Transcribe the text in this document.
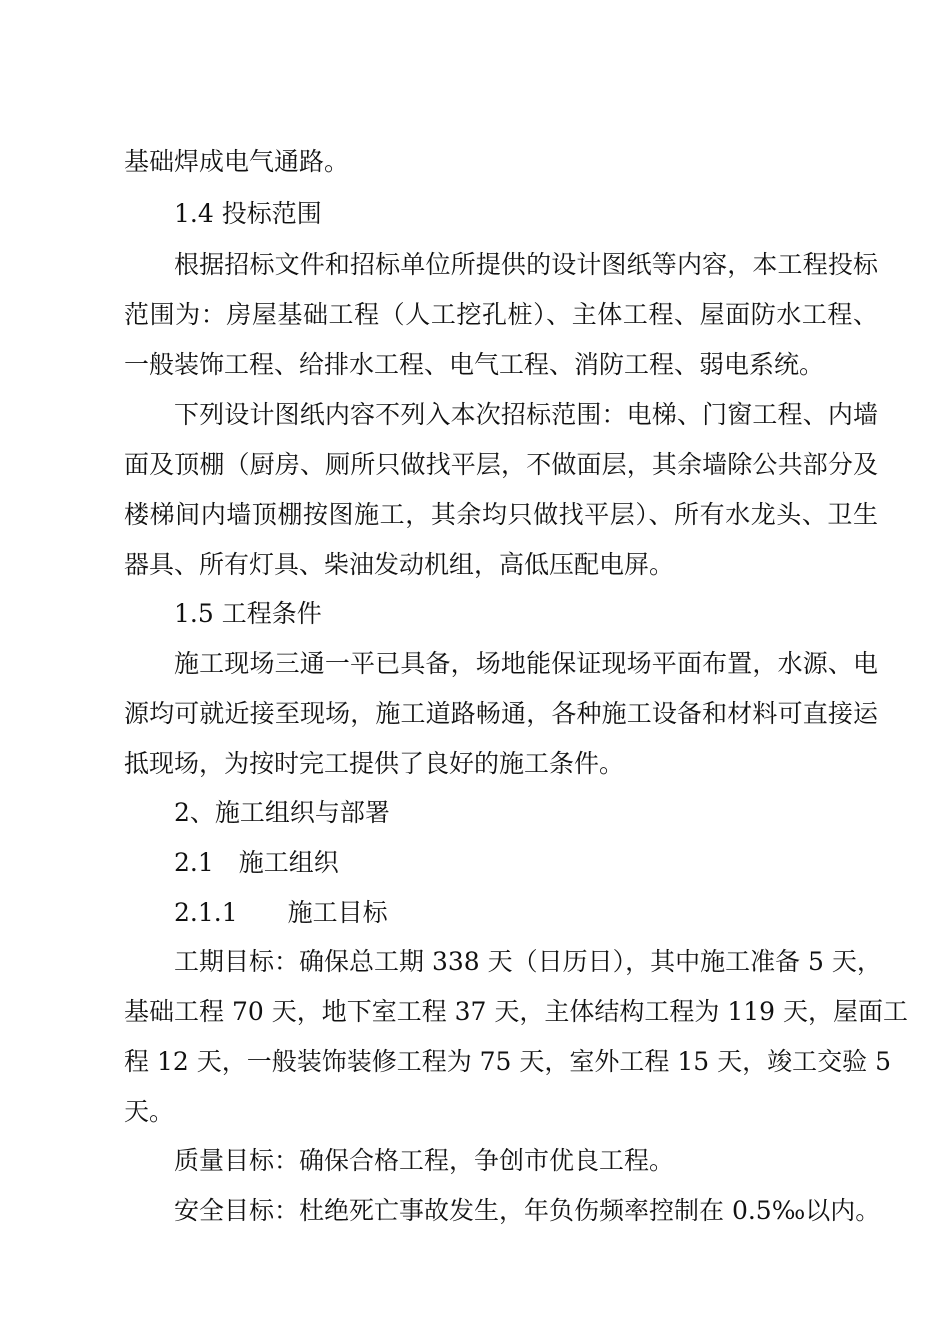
基础焊成电气通路。
1.4 投标范围
根据招标文件和招标单位所提供的设计图纸等内容，本工程投标
范围为：房屋基础工程（人工挖孔桩）、主体工程、屋面防水工程、
一般装饰工程、给排水工程、电气工程、消防工程、弱电系统。
下列设计图纸内容不列入本次招标范围：电梯、门窗工程、内墙
面及顶棚（厨房、厕所只做找平层，不做面层，其余墙除公共部分及
楼梯间内墙顶棚按图施工，其余均只做找平层）、所有水龙头、卫生
器具、所有灯具、柴油发动机组，高低压配电屏。
1.5 工程条件
施工现场三通一平已具备，场地能保证现场平面布置，水源、电
源均可就近接至现场，施工道路畅通，各种施工设备和材料可直接运
抵现场，为按时完工提供了良好的施工条件。
2、施工组织与部署
2.1　施工组织
2.1.1　　施工目标
工期目标：确保总工期 338 天（日历日），其中施工准备 5 天，
基础工程 70 天，地下室工程 37 天，主体结构工程为 119 天，屋面工
程 12 天，一般装饰装修工程为 75 天，室外工程 15 天，竣工交验 5
天。
质量目标：确保合格工程，争创市优良工程。
安全目标：杜绝死亡事故发生，年负伤频率控制在 0.5‰以内。
